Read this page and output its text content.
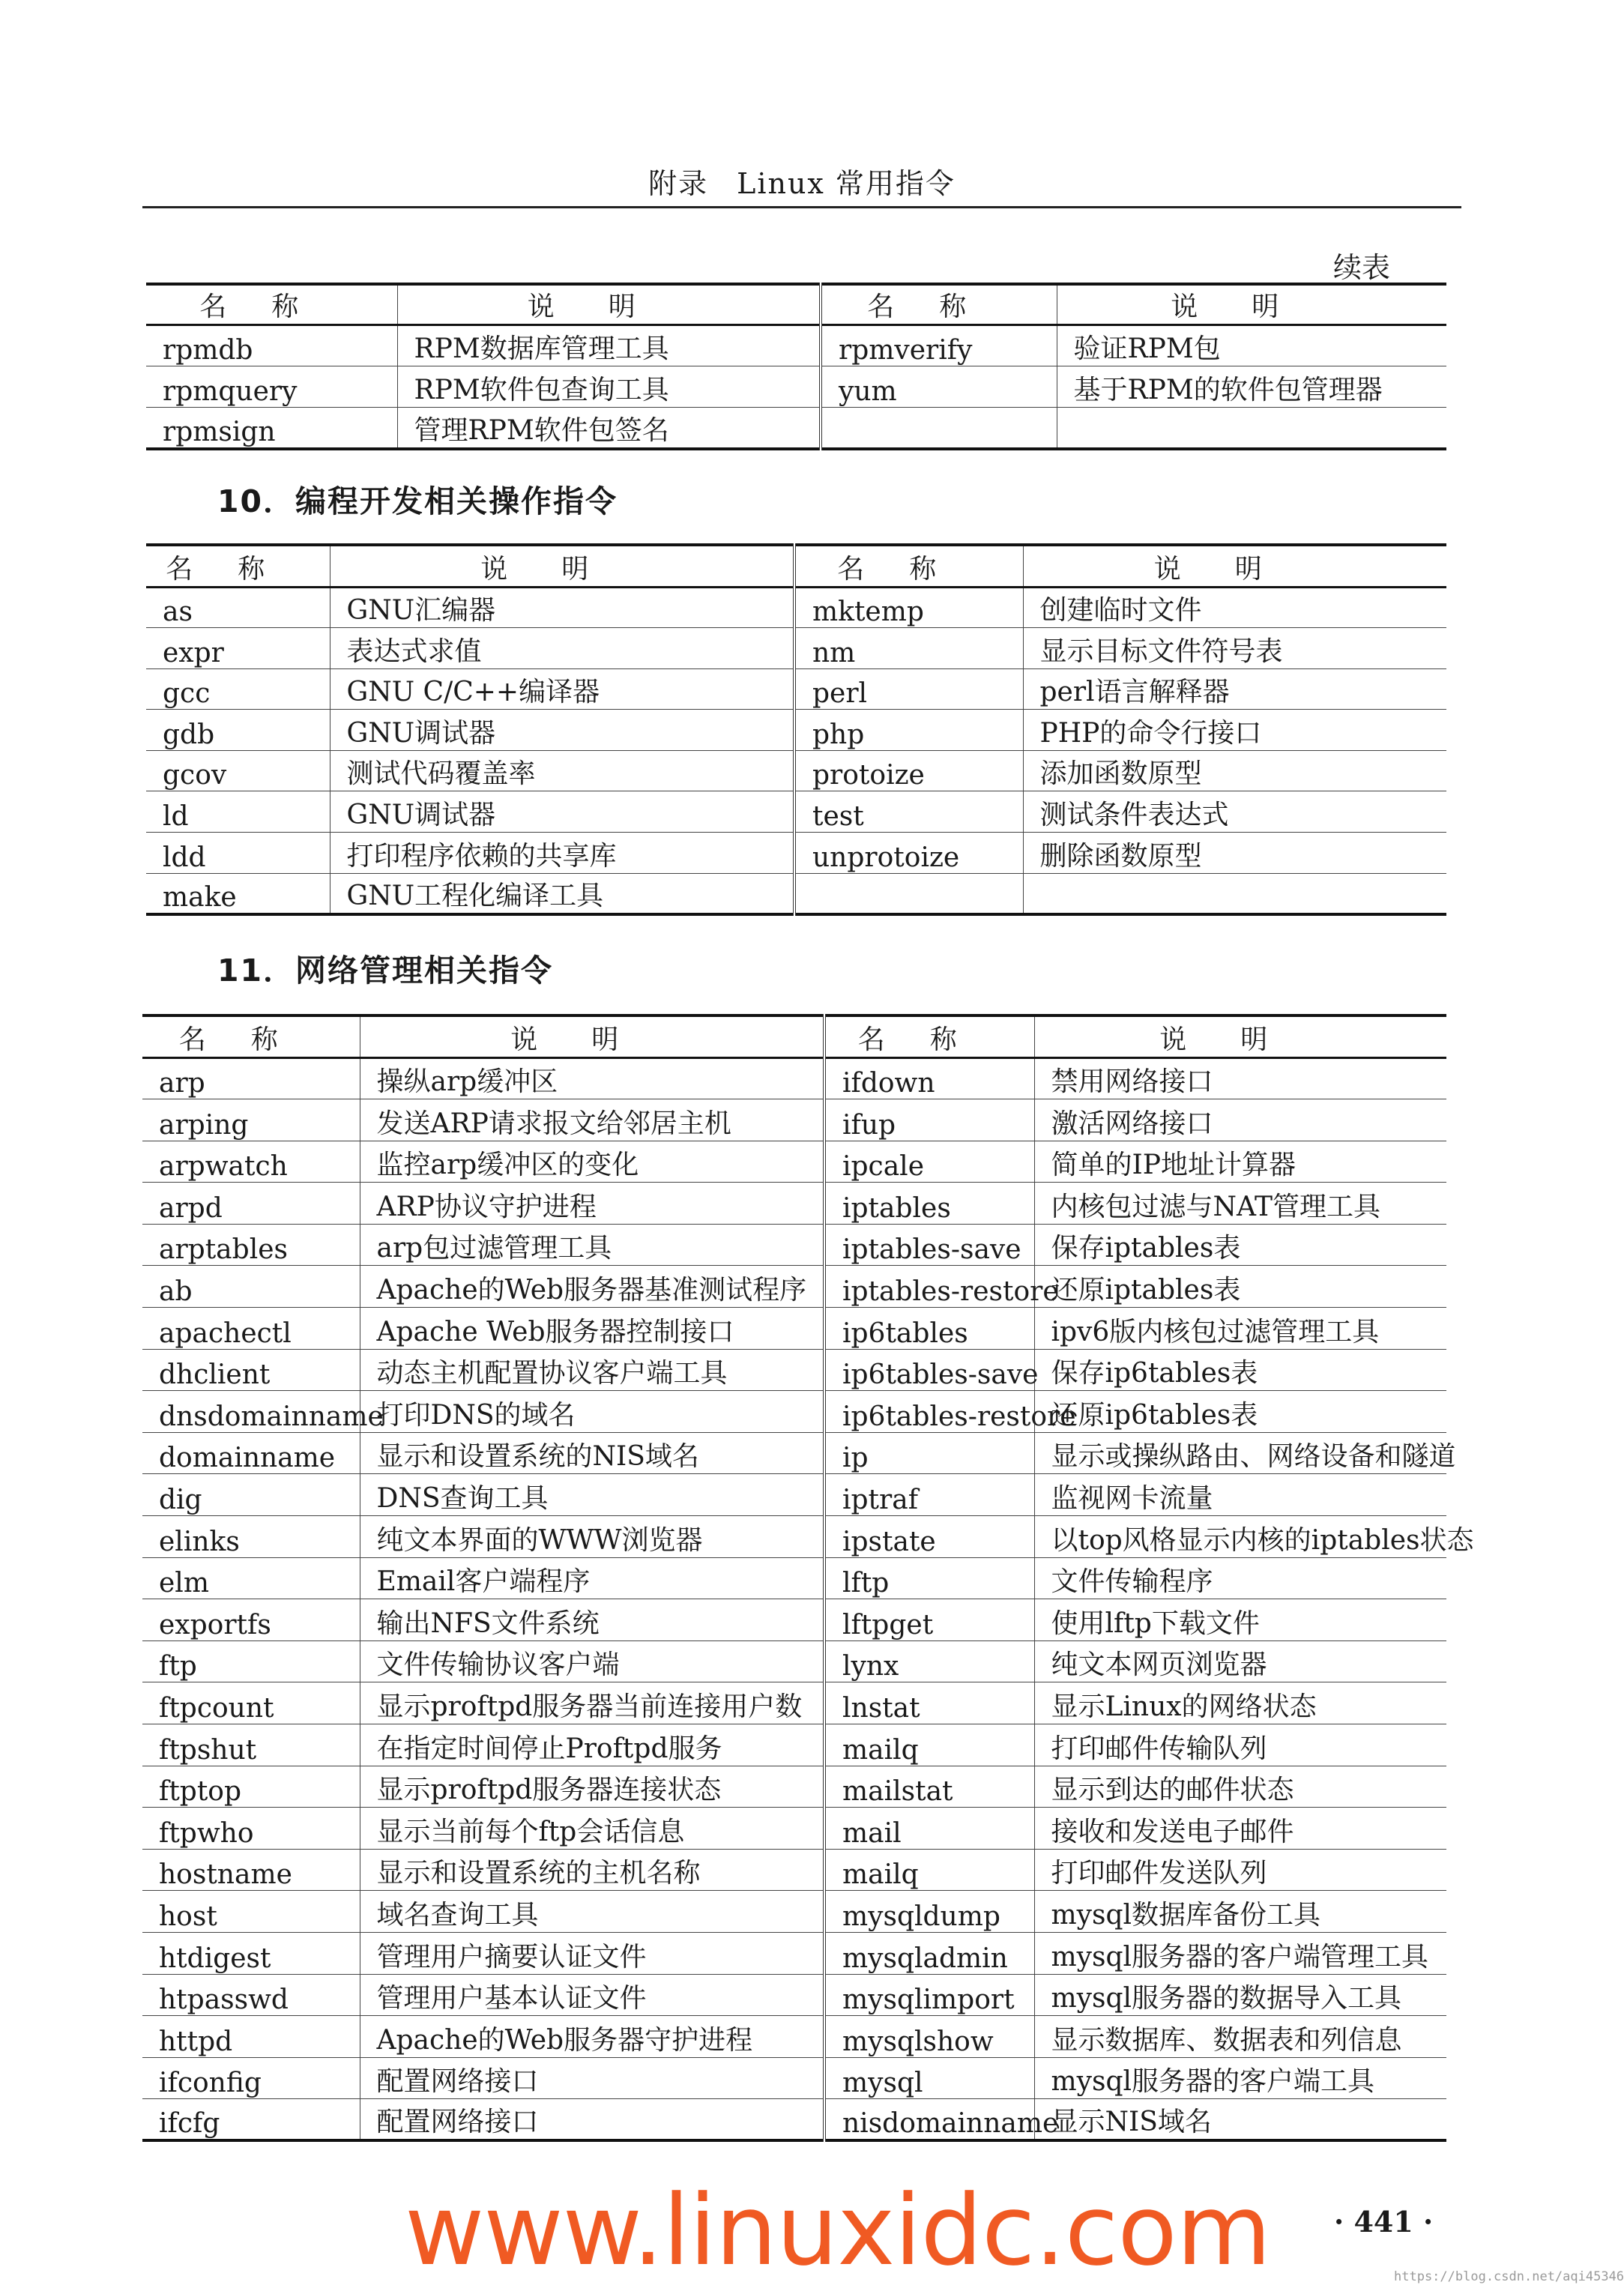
附录 Linux 常用指令
续表
名称	说明	名称	说明
rpmdb	RPM数据库管理工具	rpmverify	验证RPM包
rpmquery	RPM软件包查询工具	yum	基于RPM的软件包管理器
rpmsign	管理RPM软件包签名		
10．编程开发相关操作指令
名称	说明	名称	说明
as	GNU汇编器	mktemp	创建临时文件
expr	表达式求值	nm	显示目标文件符号表
gcc	GNU C/C++编译器	perl	perl语言解释器
gdb	GNU调试器	php	PHP的命令行接口
gcov	测试代码覆盖率	protoize	添加函数原型
ld	GNU调试器	test	测试条件表达式
ldd	打印程序依赖的共享库	unprotoize	删除函数原型
make	GNU工程化编译工具		
11．网络管理相关指令
名称	说明	名称	说明
arp	操纵arp缓冲区	ifdown	禁用网络接口
arping	发送ARP请求报文给邻居主机	ifup	激活网络接口
arpwatch	监控arp缓冲区的变化	ipcale	简单的IP地址计算器
arpd	ARP协议守护进程	iptables	内核包过滤与NAT管理工具
arptables	arp包过滤管理工具	iptables-save	保存iptables表
ab	Apache的Web服务器基准测试程序	iptables-restore	还原iptables表
apachectl	Apache Web服务器控制接口	ip6tables	ipv6版内核包过滤管理工具
dhclient	动态主机配置协议客户端工具	ip6tables-save	保存ip6tables表
dnsdomainname	打印DNS的域名	ip6tables-restore	还原ip6tables表
domainname	显示和设置系统的NIS域名	ip	显示或操纵路由、网络设备和隧道
dig	DNS查询工具	iptraf	监视网卡流量
elinks	纯文本界面的WWW浏览器	ipstate	以top风格显示内核的iptables状态
elm	Email客户端程序	lftp	文件传输程序
exportfs	输出NFS文件系统	lftpget	使用lftp下载文件
ftp	文件传输协议客户端	lynx	纯文本网页浏览器
ftpcount	显示proftpd服务器当前连接用户数	lnstat	显示Linux的网络状态
ftpshut	在指定时间停止Proftpd服务	mailq	打印邮件传输队列
ftptop	显示proftpd服务器连接状态	mailstat	显示到达的邮件状态
ftpwho	显示当前每个ftp会话信息	mail	接收和发送电子邮件
hostname	显示和设置系统的主机名称	mailq	打印邮件发送队列
host	域名查询工具	mysqldump	mysql数据库备份工具
htdigest	管理用户摘要认证文件	mysqladmin	mysql服务器的客户端管理工具
htpasswd	管理用户基本认证文件	mysqlimport	mysql服务器的数据导入工具
httpd	Apache的Web服务器守护进程	mysqlshow	显示数据库、数据表和列信息
ifconfig	配置网络接口	mysql	mysql服务器的客户端工具
ifcfg	配置网络接口	nisdomainname	显示NIS域名
www.linuxidc.com · 441 ·
https://blog.csdn.net/aqi45346
